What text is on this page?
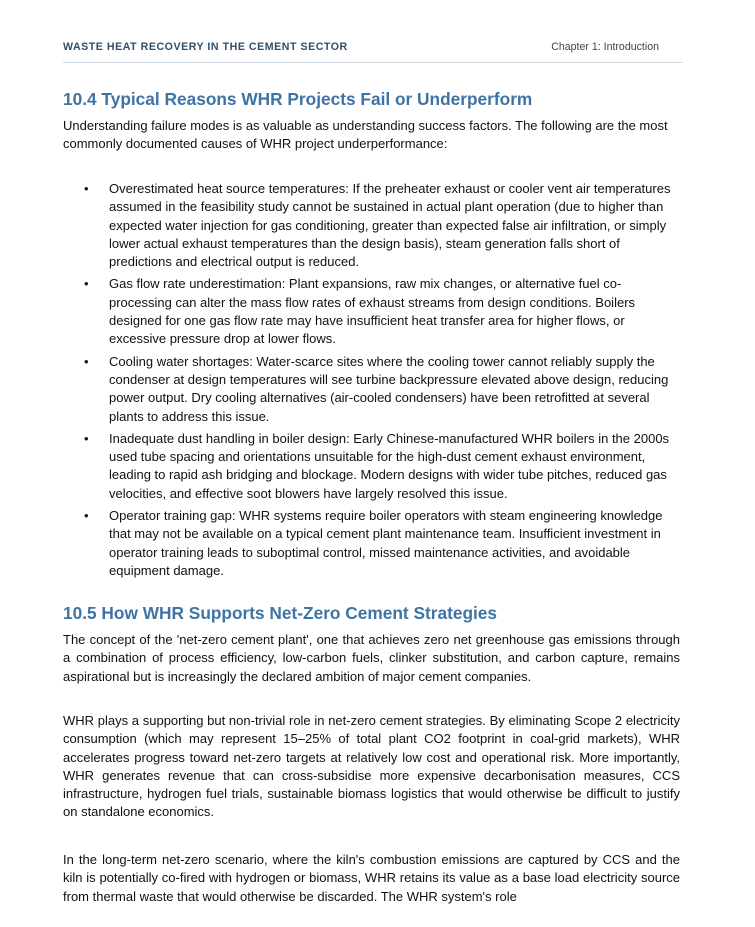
WASTE HEAT RECOVERY IN THE CEMENT SECTOR	Chapter 1: Introduction
10.4 Typical Reasons WHR Projects Fail or Underperform

Understanding failure modes is as valuable as understanding success factors. The following are the most commonly documented causes of WHR project underperformance:

• Overestimated heat source temperatures: If the preheater exhaust or cooler vent air temperatures assumed in the feasibility study cannot be sustained in actual plant operation (due to higher than expected water injection for gas conditioning, greater than expected false air infiltration, or simply lower actual exhaust temperatures than the design basis), steam generation falls short of predictions and electrical output is reduced.
• Gas flow rate underestimation: Plant expansions, raw mix changes, or alternative fuel co-processing can alter the mass flow rates of exhaust streams from design conditions. Boilers designed for one gas flow rate may have insufficient heat transfer area for higher flows, or excessive pressure drop at lower flows.
• Cooling water shortages: Water-scarce sites where the cooling tower cannot reliably supply the condenser at design temperatures will see turbine backpressure elevated above design, reducing power output. Dry cooling alternatives (air-cooled condensers) have been retrofitted at several plants to address this issue.
• Inadequate dust handling in boiler design: Early Chinese-manufactured WHR boilers in the 2000s used tube spacing and orientations unsuitable for the high-dust cement exhaust environment, leading to rapid ash bridging and blockage. Modern designs with wider tube pitches, reduced gas velocities, and effective soot blowers have largely resolved this issue.
• Operator training gap: WHR systems require boiler operators with steam engineering knowledge that may not be available on a typical cement plant maintenance team. Insufficient investment in operator training leads to suboptimal control, missed maintenance activities, and avoidable equipment damage.
10.5 How WHR Supports Net-Zero Cement Strategies

The concept of the 'net-zero cement plant', one that achieves zero net greenhouse gas emissions through a combination of process efficiency, low-carbon fuels, clinker substitution, and carbon capture, remains aspirational but is increasingly the declared ambition of major cement companies.

WHR plays a supporting but non-trivial role in net-zero cement strategies. By eliminating Scope 2 electricity consumption (which may represent 15–25% of total plant CO2 footprint in coal-grid markets), WHR accelerates progress toward net-zero targets at relatively low cost and operational risk. More importantly, WHR generates revenue that can cross-subsidise more expensive decarbonisation measures, CCS infrastructure, hydrogen fuel trials, sustainable biomass logistics that would otherwise be difficult to justify on standalone economics.

In the long-term net-zero scenario, where the kiln's combustion emissions are captured by CCS and the kiln is potentially co-fired with hydrogen or biomass, WHR retains its value as a base load electricity source from thermal waste that would otherwise be discarded. The WHR system's role
